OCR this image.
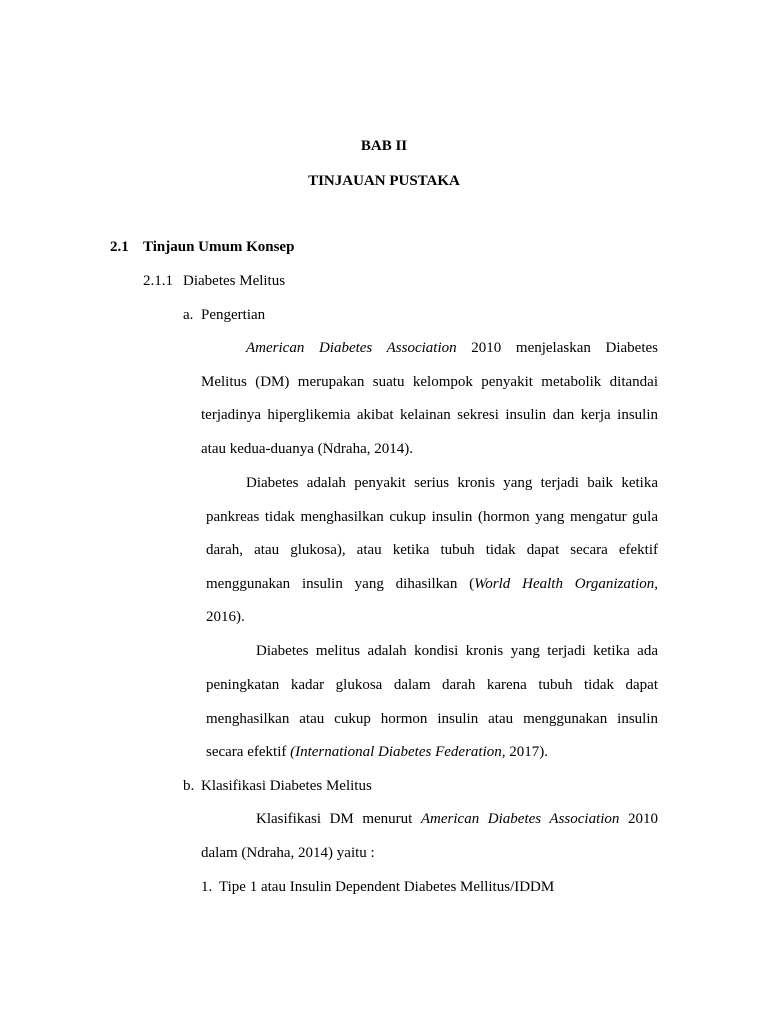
BAB II
TINJAUAN PUSTAKA
2.1 Tinjaun Umum Konsep
2.1.1 Diabetes Melitus
a. Pengertian
American Diabetes Association 2010 menjelaskan Diabetes
Melitus (DM) merupakan suatu kelompok penyakit metabolik ditandai
terjadinya hiperglikemia akibat kelainan sekresi insulin dan kerja insulin
atau kedua-duanya (Ndraha, 2014).
Diabetes adalah penyakit serius kronis yang terjadi baik ketika
pankreas tidak menghasilkan cukup insulin (hormon yang mengatur gula
darah, atau glukosa), atau ketika tubuh tidak dapat secara efektif
menggunakan insulin yang dihasilkan (World Health Organization,
2016).
Diabetes melitus adalah kondisi kronis yang terjadi ketika ada
peningkatan kadar glukosa dalam darah karena tubuh tidak dapat
menghasilkan atau cukup hormon insulin atau menggunakan insulin
secara efektif (International Diabetes Federation, 2017).
b. Klasifikasi Diabetes Melitus
Klasifikasi DM menurut American Diabetes Association 2010
dalam (Ndraha, 2014) yaitu :
1. Tipe 1 atau Insulin Dependent Diabetes Mellitus/IDDM
